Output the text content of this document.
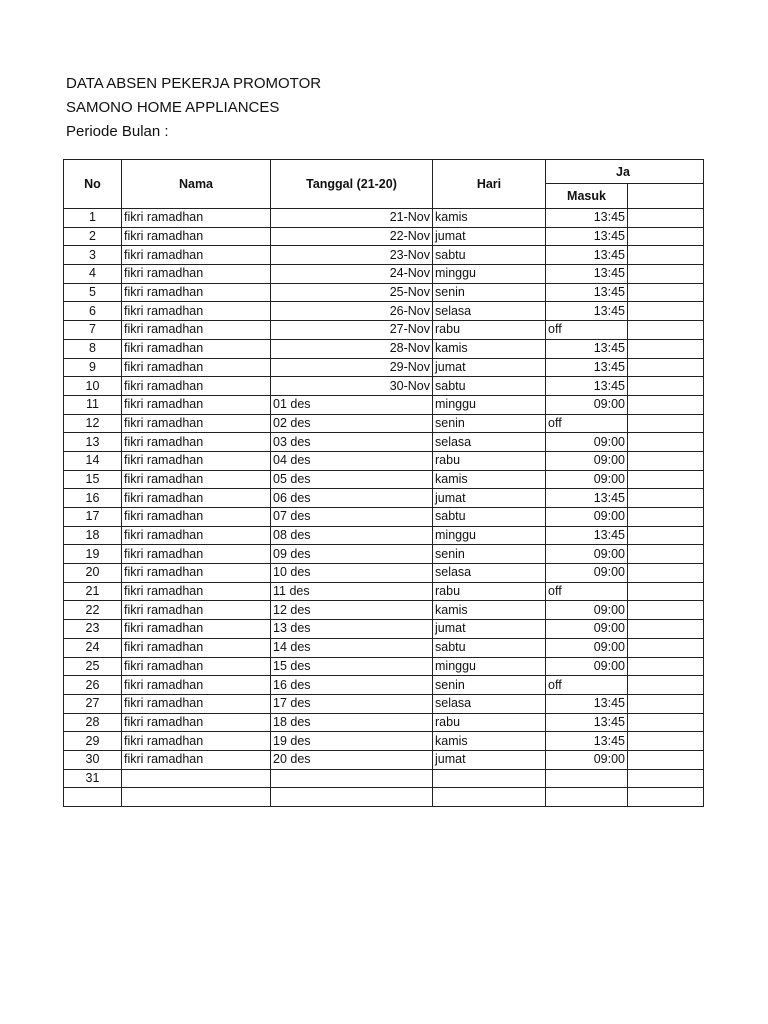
DATA ABSEN PEKERJA PROMOTOR
SAMONO HOME APPLIANCES
Periode Bulan :
No	Nama	Tanggal (21-20)	Hari	Ja	
				Masuk	
1	fikri ramadhan	21-Nov	kamis	13:45	
2	fikri ramadhan	22-Nov	jumat	13:45	
3	fikri ramadhan	23-Nov	sabtu	13:45	
4	fikri ramadhan	24-Nov	minggu	13:45	
5	fikri ramadhan	25-Nov	senin	13:45	
6	fikri ramadhan	26-Nov	selasa	13:45	
7	fikri ramadhan	27-Nov	rabu	off	
8	fikri ramadhan	28-Nov	kamis	13:45	
9	fikri ramadhan	29-Nov	jumat	13:45	
10	fikri ramadhan	30-Nov	sabtu	13:45	
11	fikri ramadhan	01 des	minggu	09:00	
12	fikri ramadhan	02 des	senin	off	
13	fikri ramadhan	03 des	selasa	09:00	
14	fikri ramadhan	04 des	rabu	09:00	
15	fikri ramadhan	05 des	kamis	09:00	
16	fikri ramadhan	06 des	jumat	13:45	
17	fikri ramadhan	07 des	sabtu	09:00	
18	fikri ramadhan	08 des	minggu	13:45	
19	fikri ramadhan	09 des	senin	09:00	
20	fikri ramadhan	10 des	selasa	09:00	
21	fikri ramadhan	11 des	rabu	off	
22	fikri ramadhan	12 des	kamis	09:00	
23	fikri ramadhan	13 des	jumat	09:00	
24	fikri ramadhan	14 des	sabtu	09:00	
25	fikri ramadhan	15 des	minggu	09:00	
26	fikri ramadhan	16 des	senin	off	
27	fikri ramadhan	17 des	selasa	13:45	
28	fikri ramadhan	18 des	rabu	13:45	
29	fikri ramadhan	19 des	kamis	13:45	
30	fikri ramadhan	20 des	jumat	09:00	
31					
